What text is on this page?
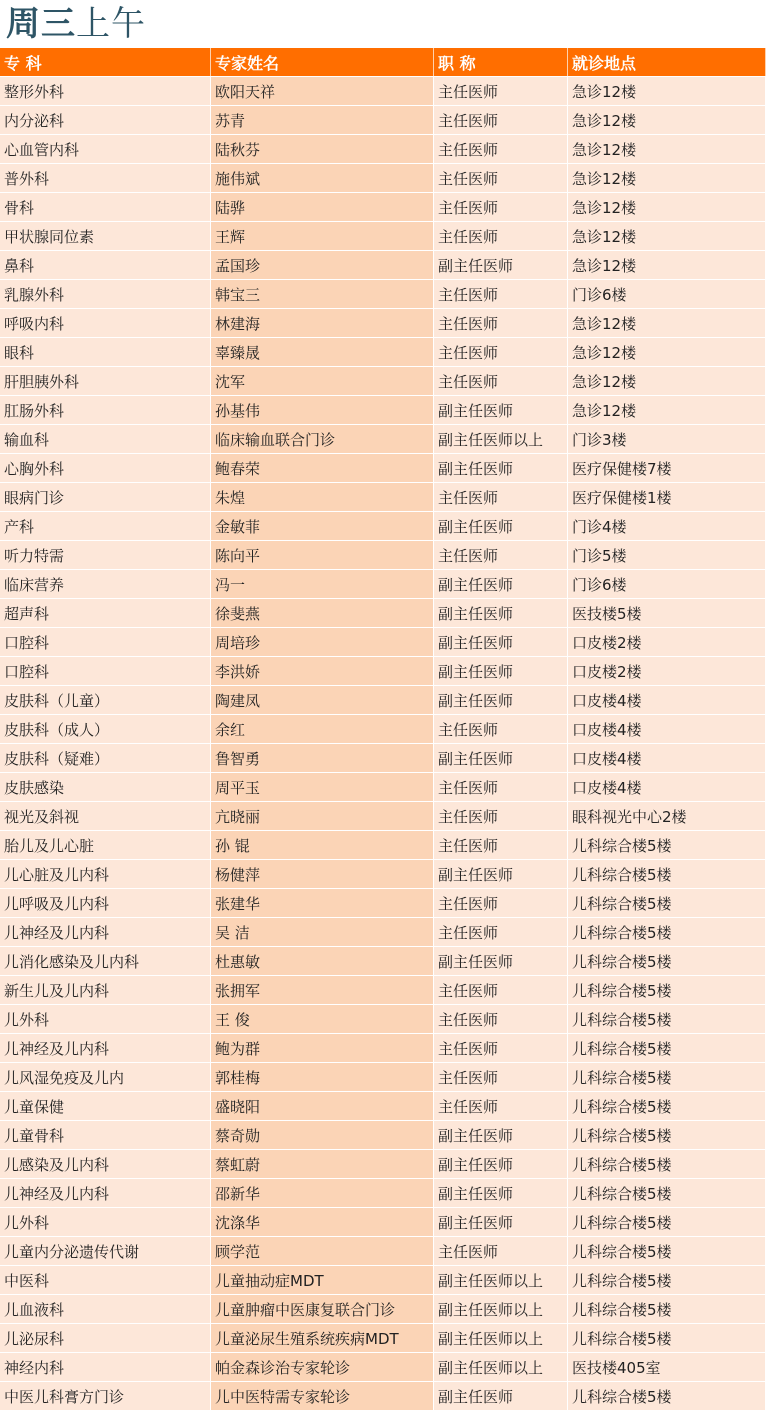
周三上午
专 科	专家姓名	职 称	就诊地点
整形外科	欧阳天祥	主任医师	急诊12楼
内分泌科	苏青	主任医师	急诊12楼
心血管内科	陆秋芬	主任医师	急诊12楼
普外科	施伟斌	主任医师	急诊12楼
骨科	陆骅	主任医师	急诊12楼
甲状腺同位素	王辉	主任医师	急诊12楼
鼻科	孟国珍	副主任医师	急诊12楼
乳腺外科	韩宝三	主任医师	门诊6楼
呼吸内科	林建海	主任医师	急诊12楼
眼科	辜臻晟	主任医师	急诊12楼
肝胆胰外科	沈军	主任医师	急诊12楼
肛肠外科	孙基伟	副主任医师	急诊12楼
输血科	临床输血联合门诊	副主任医师以上	门诊3楼
心胸外科	鲍春荣	副主任医师	医疗保健楼7楼
眼病门诊	朱煌	主任医师	医疗保健楼1楼
产科	金敏菲	副主任医师	门诊4楼
听力特需	陈向平	主任医师	门诊5楼
临床营养	冯一	副主任医师	门诊6楼
超声科	徐斐燕	副主任医师	医技楼5楼
口腔科	周培珍	副主任医师	口皮楼2楼
口腔科	李洪娇	副主任医师	口皮楼2楼
皮肤科（儿童）	陶建凤	副主任医师	口皮楼4楼
皮肤科（成人）	余红	主任医师	口皮楼4楼
皮肤科（疑难）	鲁智勇	副主任医师	口皮楼4楼
皮肤感染	周平玉	主任医师	口皮楼4楼
视光及斜视	亢晓丽	主任医师	眼科视光中心2楼
胎儿及儿心脏	孙 锟	主任医师	儿科综合楼5楼
儿心脏及儿内科	杨健萍	副主任医师	儿科综合楼5楼
儿呼吸及儿内科	张建华	主任医师	儿科综合楼5楼
儿神经及儿内科	吴 洁	主任医师	儿科综合楼5楼
儿消化感染及儿内科	杜惠敏	副主任医师	儿科综合楼5楼
新生儿及儿内科	张拥军	主任医师	儿科综合楼5楼
儿外科	王 俊	主任医师	儿科综合楼5楼
儿神经及儿内科	鲍为群	主任医师	儿科综合楼5楼
儿风湿免疫及儿内	郭桂梅	主任医师	儿科综合楼5楼
儿童保健	盛晓阳	主任医师	儿科综合楼5楼
儿童骨科	蔡奇勋	副主任医师	儿科综合楼5楼
儿感染及儿内科	蔡虹蔚	副主任医师	儿科综合楼5楼
儿神经及儿内科	邵新华	副主任医师	儿科综合楼5楼
儿外科	沈涤华	副主任医师	儿科综合楼5楼
儿童内分泌遗传代谢	顾学范	主任医师	儿科综合楼5楼
中医科	儿童抽动症MDT	副主任医师以上	儿科综合楼5楼
儿血液科	儿童肿瘤中医康复联合门诊	副主任医师以上	儿科综合楼5楼
儿泌尿科	儿童泌尿生殖系统疾病MDT	副主任医师以上	儿科综合楼5楼
神经内科	帕金森诊治专家轮诊	副主任医师以上	医技楼405室
中医儿科膏方门诊	儿中医特需专家轮诊	副主任医师	儿科综合楼5楼
